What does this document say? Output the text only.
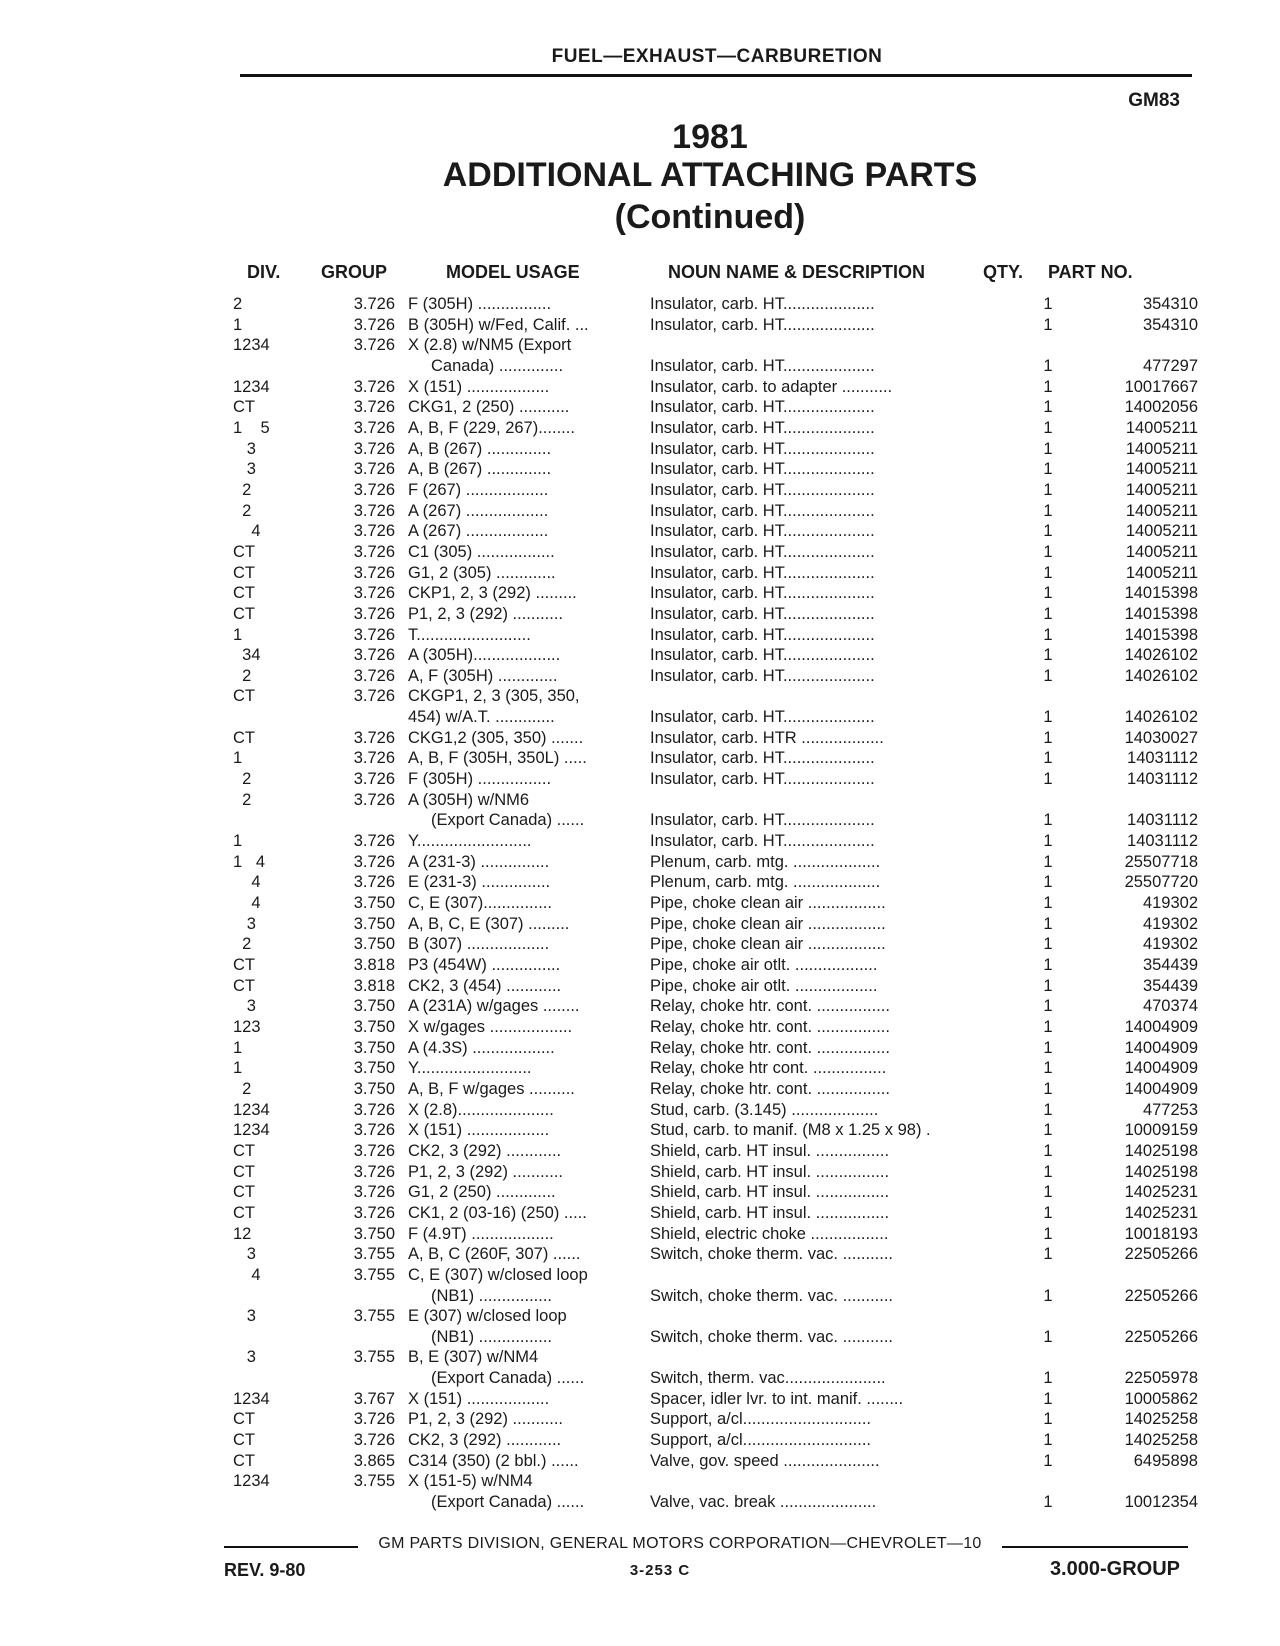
FUEL—EXHAUST—CARBURETION
GM83
1981
ADDITIONAL ATTACHING PARTS
(Continued)
DIV. GROUP	MODEL USAGE	NOUN NAME & DESCRIPTION	QTY. PART NO.
2	3.726	F (305H) ................	Insulator, carb. HT....................	1	354310
1	3.726	B (305H) w/Fed, Calif. ...	Insulator, carb. HT....................	1	354310
1234	3.726	X (2.8) w/NM5 (Export			
		Canada) ..............	Insulator, carb. HT....................	1	477297
1234	3.726	X (151) ..................	Insulator, carb. to adapter ...........	1	10017667
CT	3.726	CKG1, 2 (250) ...........	Insulator, carb. HT....................	1	14002056
1    5	3.726	A, B, F (229, 267)........	Insulator, carb. HT....................	1	14005211
3	3.726	A, B (267) ..............	Insulator, carb. HT....................	1	14005211
3	3.726	A, B (267) ..............	Insulator, carb. HT....................	1	14005211
2	3.726	F (267) ..................	Insulator, carb. HT....................	1	14005211
2	3.726	A (267) ..................	Insulator, carb. HT....................	1	14005211
4	3.726	A (267) ..................	Insulator, carb. HT....................	1	14005211
CT	3.726	C1 (305) .................	Insulator, carb. HT....................	1	14005211
CT	3.726	G1, 2 (305) .............	Insulator, carb. HT....................	1	14005211
CT	3.726	CKP1, 2, 3 (292) .........	Insulator, carb. HT....................	1	14015398
CT	3.726	P1, 2, 3 (292) ...........	Insulator, carb. HT....................	1	14015398
1	3.726	T.........................	Insulator, carb. HT....................	1	14015398
34	3.726	A (305H)...................	Insulator, carb. HT....................	1	14026102
2	3.726	A, F (305H) .............	Insulator, carb. HT....................	1	14026102
CT	3.726	CKGP1, 2, 3 (305, 350,			
		454) w/A.T. .............	Insulator, carb. HT....................	1	14026102
CT	3.726	CKG1,2 (305, 350) .......	Insulator, carb. HTR ..................	1	14030027
1	3.726	A, B, F (305H, 350L) .....	Insulator, carb. HT....................	1	14031112
2	3.726	F (305H) ................	Insulator, carb. HT....................	1	14031112
2	3.726	A (305H) w/NM6			
		(Export Canada) ......	Insulator, carb. HT....................	1	14031112
1	3.726	Y.........................	Insulator, carb. HT....................	1	14031112
1   4	3.726	A (231-3) ...............	Plenum, carb. mtg. ...................	1	25507718
4	3.726	E (231-3) ...............	Plenum, carb. mtg. ...................	1	25507720
4	3.750	C, E (307)...............	Pipe, choke clean air .................	1	419302
3	3.750	A, B, C, E (307) .........	Pipe, choke clean air .................	1	419302
2	3.750	B (307) ..................	Pipe, choke clean air .................	1	419302
CT	3.818	P3 (454W) ...............	Pipe, choke air otlt. ..................	1	354439
CT	3.818	CK2, 3 (454) ............	Pipe, choke air otlt. ..................	1	354439
3	3.750	A (231A) w/gages ........	Relay, choke htr. cont. ................	1	470374
123	3.750	X w/gages ..................	Relay, choke htr. cont. ................	1	14004909
1	3.750	A (4.3S) ..................	Relay, choke htr. cont. ................	1	14004909
1	3.750	Y.........................	Relay, choke htr cont. ................	1	14004909
2	3.750	A, B, F w/gages ..........	Relay, choke htr. cont. ................	1	14004909
1234	3.726	X (2.8).....................	Stud, carb. (3.145) ...................	1	477253
1234	3.726	X (151) ..................	Stud, carb. to manif. (M8 x 1.25 x 98) .	1	10009159
CT	3.726	CK2, 3 (292) ............	Shield, carb. HT insul. ................	1	14025198
CT	3.726	P1, 2, 3 (292) ...........	Shield, carb. HT insul. ................	1	14025198
CT	3.726	G1, 2 (250) .............	Shield, carb. HT insul. ................	1	14025231
CT	3.726	CK1, 2 (03-16) (250) .....	Shield, carb. HT insul. ................	1	14025231
12	3.750	F (4.9T) ..................	Shield, electric choke .................	1	10018193
3	3.755	A, B, C (260F, 307) ......	Switch, choke therm. vac. ...........	1	22505266
4	3.755	C, E (307) w/closed loop			
		(NB1) ................	Switch, choke therm. vac. ...........	1	22505266
3	3.755	E (307) w/closed loop			
		(NB1) ................	Switch, choke therm. vac. ...........	1	22505266
3	3.755	B, E (307) w/NM4			
		(Export Canada) ......	Switch, therm. vac......................	1	22505978
1234	3.767	X (151) ..................	Spacer, idler lvr. to int. manif. ........	1	10005862
CT	3.726	P1, 2, 3 (292) ...........	Support, a/cl............................	1	14025258
CT	3.726	CK2, 3 (292) ............	Support, a/cl............................	1	14025258
CT	3.865	C314 (350) (2 bbl.) ......	Valve, gov. speed .....................	1	6495898
1234	3.755	X (151-5) w/NM4			
		(Export Canada) ......	Valve, vac. break .....................	1	10012354
GM PARTS DIVISION, GENERAL MOTORS CORPORATION—CHEVROLET—10
REV. 9-80	3-253 C	3.000-GROUP
